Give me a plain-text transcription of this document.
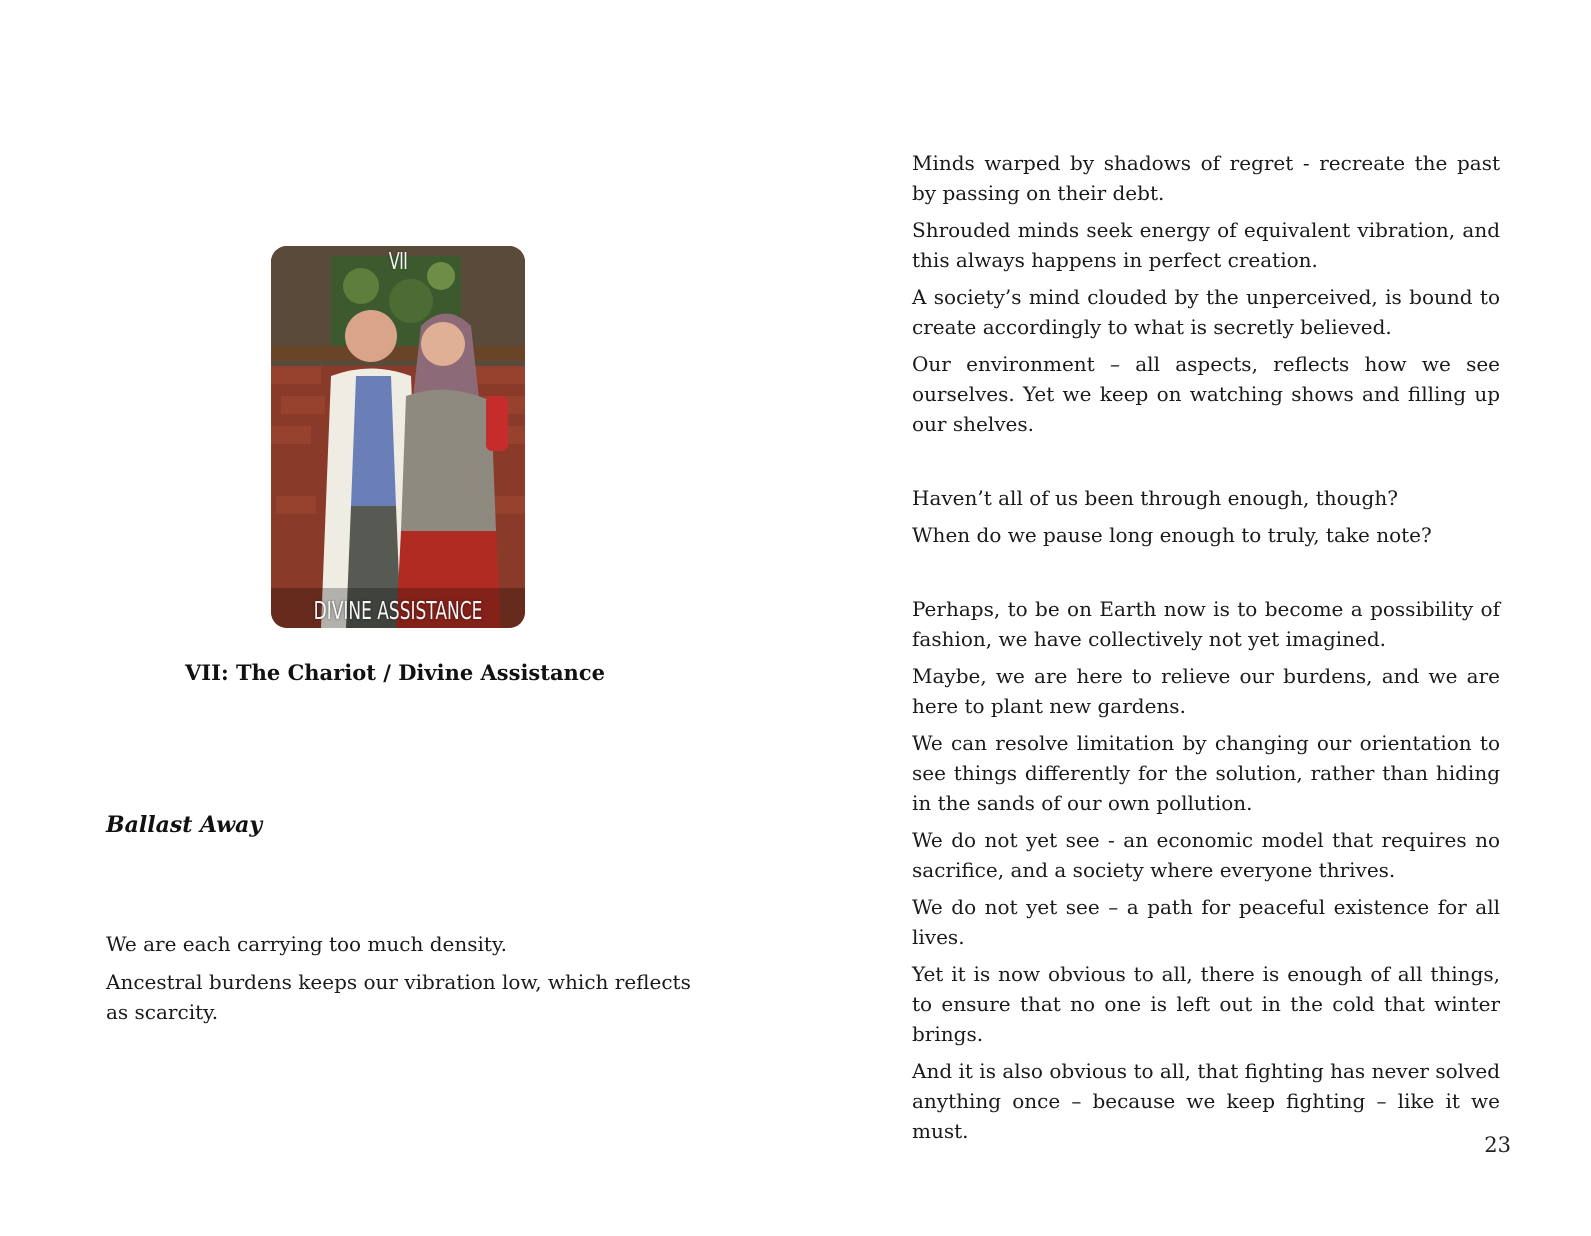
VII
DIVINE ASSISTANCE
VII: The Chariot / Divine Assistance
Ballast Away

We are each carrying too much density.

Ancestral burdens keeps our vibration low, which reflects as scarcity.

Minds warped by shadows of regret - recreate the past by passing on their debt.

Shrouded minds seek energy of equivalent vibration, and this always happens in perfect creation.

A society’s mind clouded by the unperceived, is bound to create accordingly to what is secretly believed.

Our environment – all aspects, reflects how we see ourselves. Yet we keep on watching shows and filling up our shelves.

Haven’t all of us been through enough, though?

When do we pause long enough to truly, take note?

Perhaps, to be on Earth now is to become a possibility of fashion, we have collectively not yet imagined.

Maybe, we are here to relieve our burdens, and we are here to plant new gardens.

We can resolve limitation by changing our orientation to see things differently for the solution, rather than hiding in the sands of our own pollution.

We do not yet see - an economic model that requires no sacrifice, and a society where everyone thrives.

We do not yet see – a path for peaceful existence for all lives.

Yet it is now obvious to all, there is enough of all things, to ensure that no one is left out in the cold that winter brings.

And it is also obvious to all, that fighting has never solved anything once – because we keep fighting – like it we must.

23
